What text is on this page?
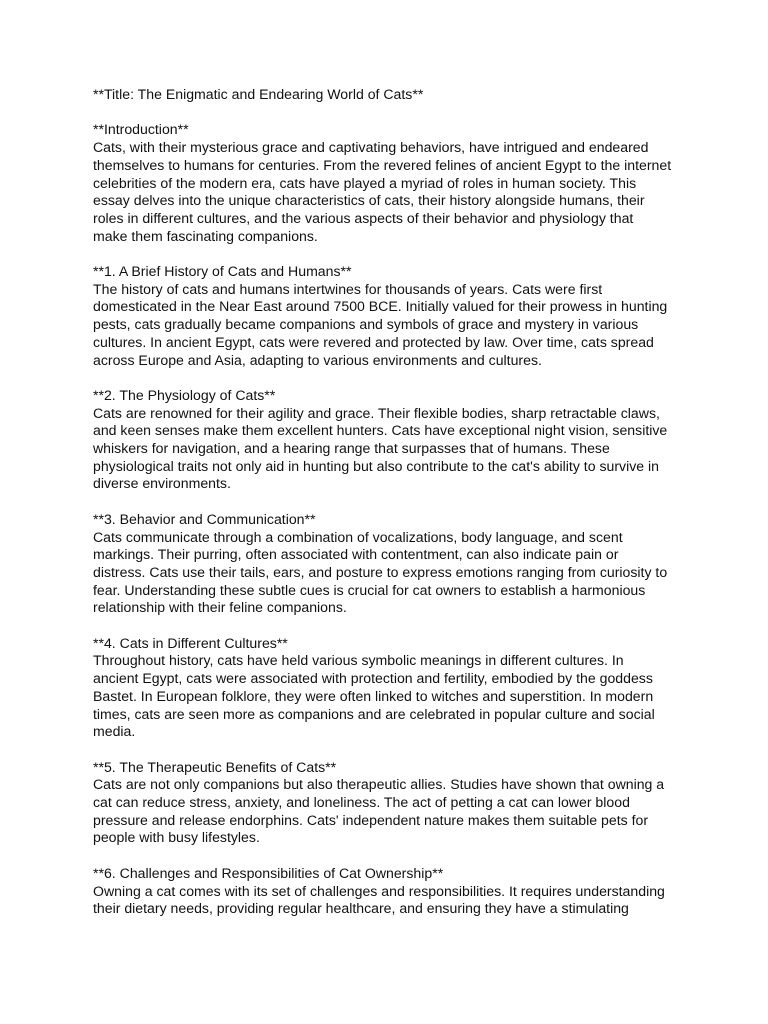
**Title: The Enigmatic and Endearing World of Cats**

**Introduction**

Cats, with their mysterious grace and captivating behaviors, have intrigued and endeared

themselves to humans for centuries. From the revered felines of ancient Egypt to the internet

celebrities of the modern era, cats have played a myriad of roles in human society. This

essay delves into the unique characteristics of cats, their history alongside humans, their

roles in different cultures, and the various aspects of their behavior and physiology that

make them fascinating companions.

**1. A Brief History of Cats and Humans**

The history of cats and humans intertwines for thousands of years. Cats were first

domesticated in the Near East around 7500 BCE. Initially valued for their prowess in hunting

pests, cats gradually became companions and symbols of grace and mystery in various

cultures. In ancient Egypt, cats were revered and protected by law. Over time, cats spread

across Europe and Asia, adapting to various environments and cultures.

**2. The Physiology of Cats**

Cats are renowned for their agility and grace. Their flexible bodies, sharp retractable claws,

and keen senses make them excellent hunters. Cats have exceptional night vision, sensitive

whiskers for navigation, and a hearing range that surpasses that of humans. These

physiological traits not only aid in hunting but also contribute to the cat's ability to survive in

diverse environments.

**3. Behavior and Communication**

Cats communicate through a combination of vocalizations, body language, and scent

markings. Their purring, often associated with contentment, can also indicate pain or

distress. Cats use their tails, ears, and posture to express emotions ranging from curiosity to

fear. Understanding these subtle cues is crucial for cat owners to establish a harmonious

relationship with their feline companions.

**4. Cats in Different Cultures**

Throughout history, cats have held various symbolic meanings in different cultures. In

ancient Egypt, cats were associated with protection and fertility, embodied by the goddess

Bastet. In European folklore, they were often linked to witches and superstition. In modern

times, cats are seen more as companions and are celebrated in popular culture and social

media.

**5. The Therapeutic Benefits of Cats**

Cats are not only companions but also therapeutic allies. Studies have shown that owning a

cat can reduce stress, anxiety, and loneliness. The act of petting a cat can lower blood

pressure and release endorphins. Cats' independent nature makes them suitable pets for

people with busy lifestyles.

**6. Challenges and Responsibilities of Cat Ownership**

Owning a cat comes with its set of challenges and responsibilities. It requires understanding

their dietary needs, providing regular healthcare, and ensuring they have a stimulating
